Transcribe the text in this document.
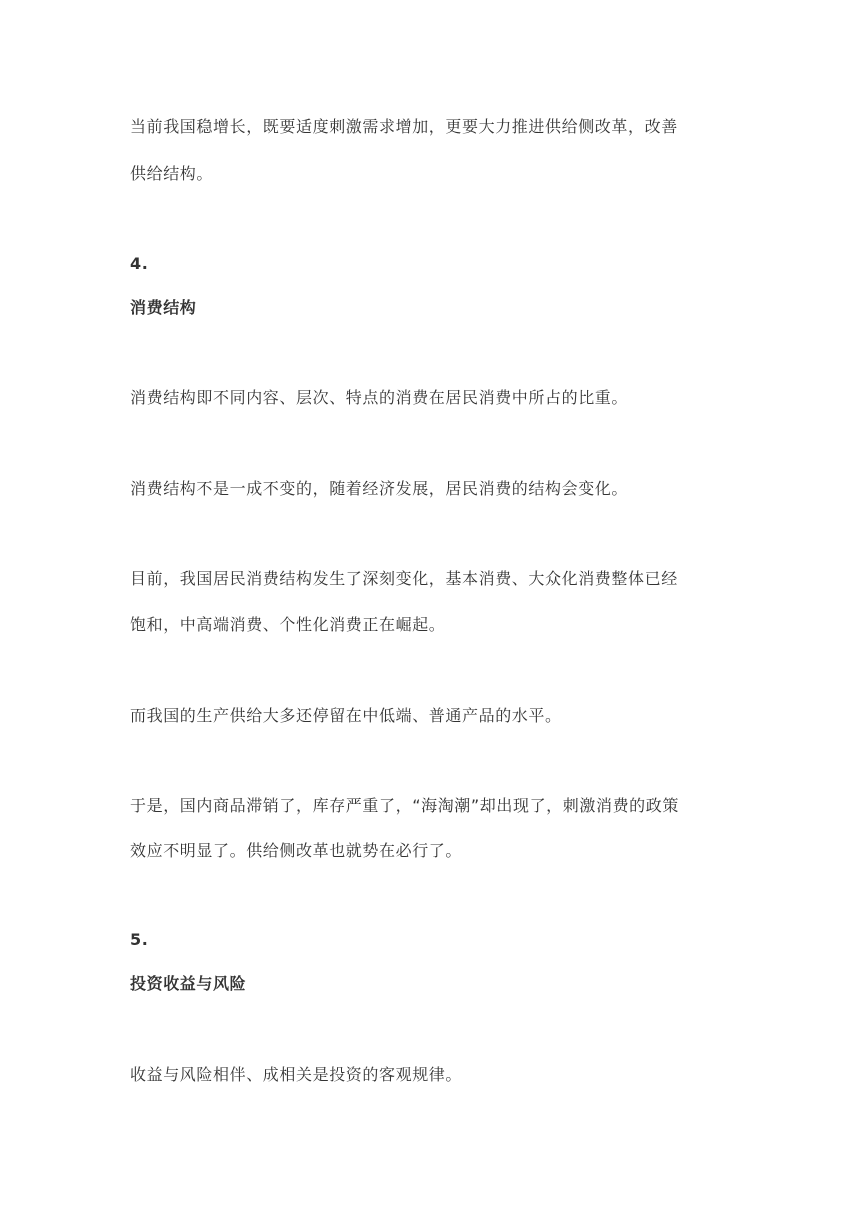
当前我国稳增长，既要适度刺激需求增加，更要大力推进供给侧改革，改善
供给结构。
4.
消费结构
消费结构即不同内容、层次、特点的消费在居民消费中所占的比重。
消费结构不是一成不变的，随着经济发展，居民消费的结构会变化。
目前，我国居民消费结构发生了深刻变化，基本消费、大众化消费整体已经
饱和，中高端消费、个性化消费正在崛起。
而我国的生产供给大多还停留在中低端、普通产品的水平。
于是，国内商品滞销了，库存严重了，“海淘潮”却出现了，刺激消费的政策
效应不明显了。供给侧改革也就势在必行了。
5.
投资收益与风险
收益与风险相伴、成相关是投资的客观规律。
